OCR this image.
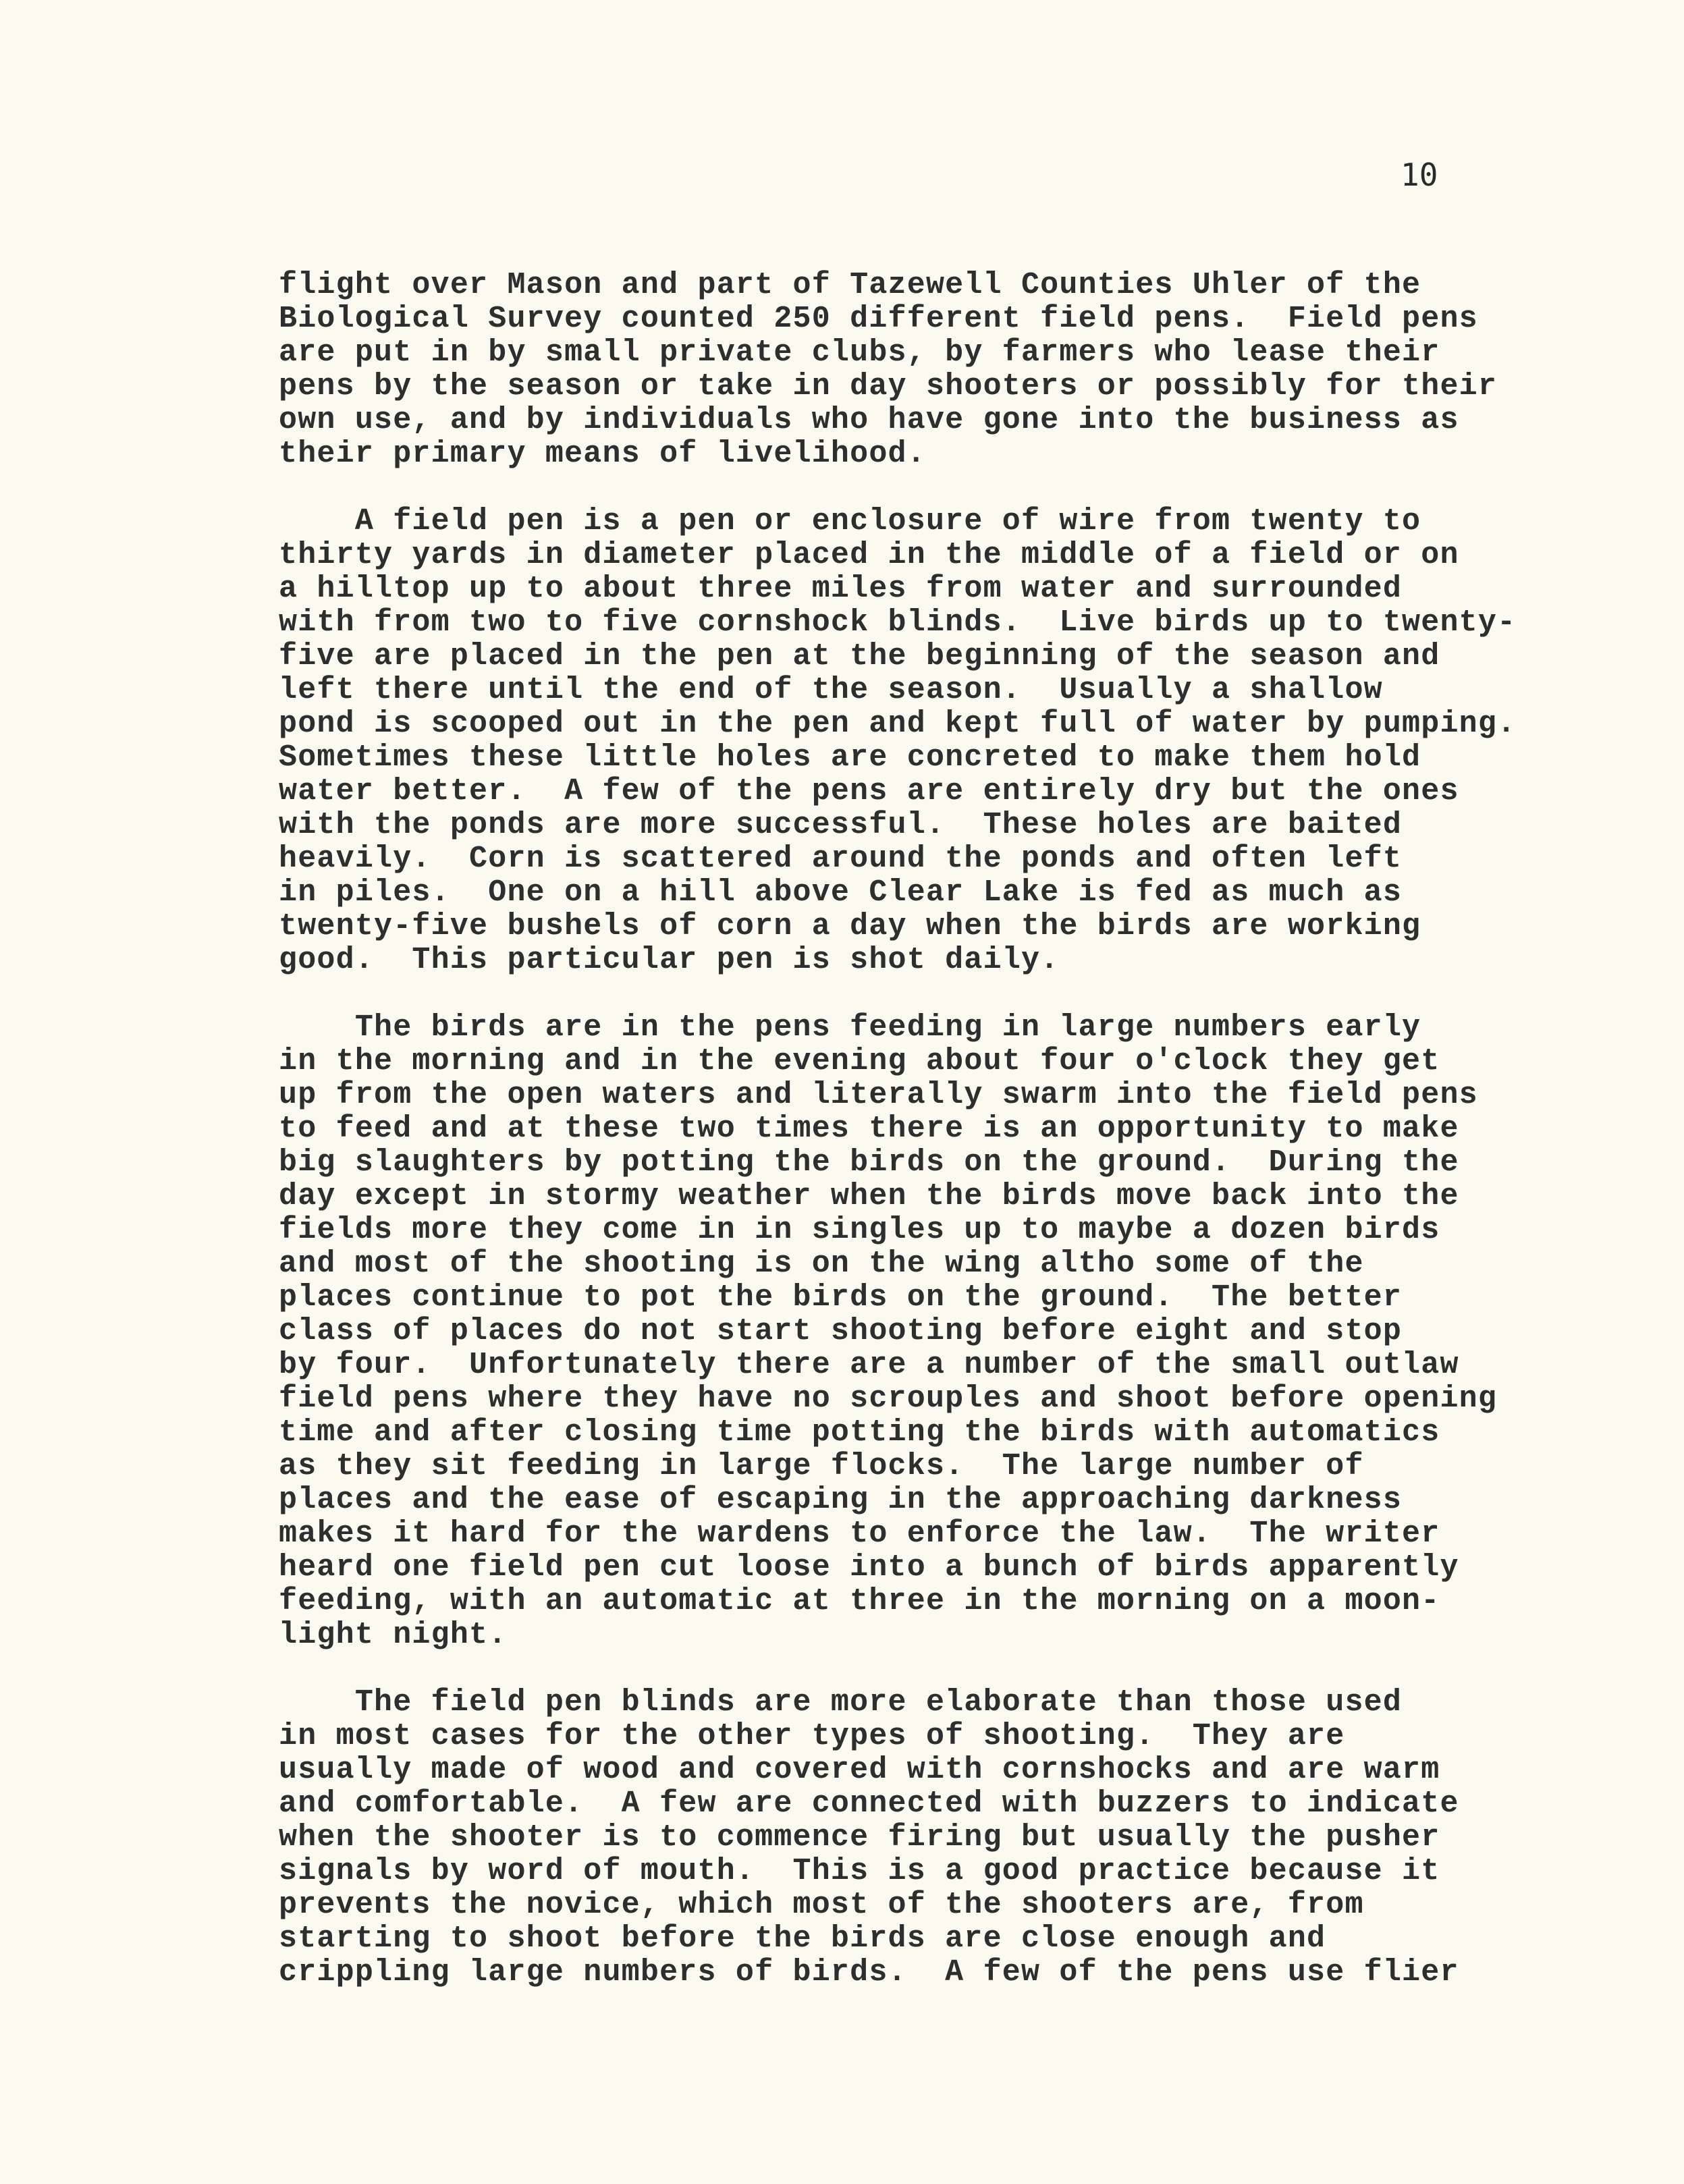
10
flight over Mason and part of Tazewell Counties Uhler of the
Biological Survey counted 250 different field pens.  Field pens
are put in by small private clubs, by farmers who lease their
pens by the season or take in day shooters or possibly for their
own use, and by individuals who have gone into the business as
their primary means of livelihood.
A field pen is a pen or enclosure of wire from twenty to
thirty yards in diameter placed in the middle of a field or on
a hilltop up to about three miles from water and surrounded
with from two to five cornshock blinds.  Live birds up to twenty-
five are placed in the pen at the beginning of the season and
left there until the end of the season.  Usually a shallow
pond is scooped out in the pen and kept full of water by pumping.
Sometimes these little holes are concreted to make them hold
water better.  A few of the pens are entirely dry but the ones
with the ponds are more successful.  These holes are baited
heavily.  Corn is scattered around the ponds and often left
in piles.  One on a hill above Clear Lake is fed as much as
twenty-five bushels of corn a day when the birds are working
good.  This particular pen is shot daily.
The birds are in the pens feeding in large numbers early
in the morning and in the evening about four o'clock they get
up from the open waters and literally swarm into the field pens
to feed and at these two times there is an opportunity to make
big slaughters by potting the birds on the ground.  During the
day except in stormy weather when the birds move back into the
fields more they come in in singles up to maybe a dozen birds
and most of the shooting is on the wing altho some of the
places continue to pot the birds on the ground.  The better
class of places do not start shooting before eight and stop
by four.  Unfortunately there are a number of the small outlaw
field pens where they have no scrouples and shoot before opening
time and after closing time potting the birds with automatics
as they sit feeding in large flocks.  The large number of
places and the ease of escaping in the approaching darkness
makes it hard for the wardens to enforce the law.  The writer
heard one field pen cut loose into a bunch of birds apparently
feeding, with an automatic at three in the morning on a moon-
light night.
The field pen blinds are more elaborate than those used
in most cases for the other types of shooting.  They are
usually made of wood and covered with cornshocks and are warm
and comfortable.  A few are connected with buzzers to indicate
when the shooter is to commence firing but usually the pusher
signals by word of mouth.  This is a good practice because it
prevents the novice, which most of the shooters are, from
starting to shoot before the birds are close enough and
crippling large numbers of birds.  A few of the pens use flier
